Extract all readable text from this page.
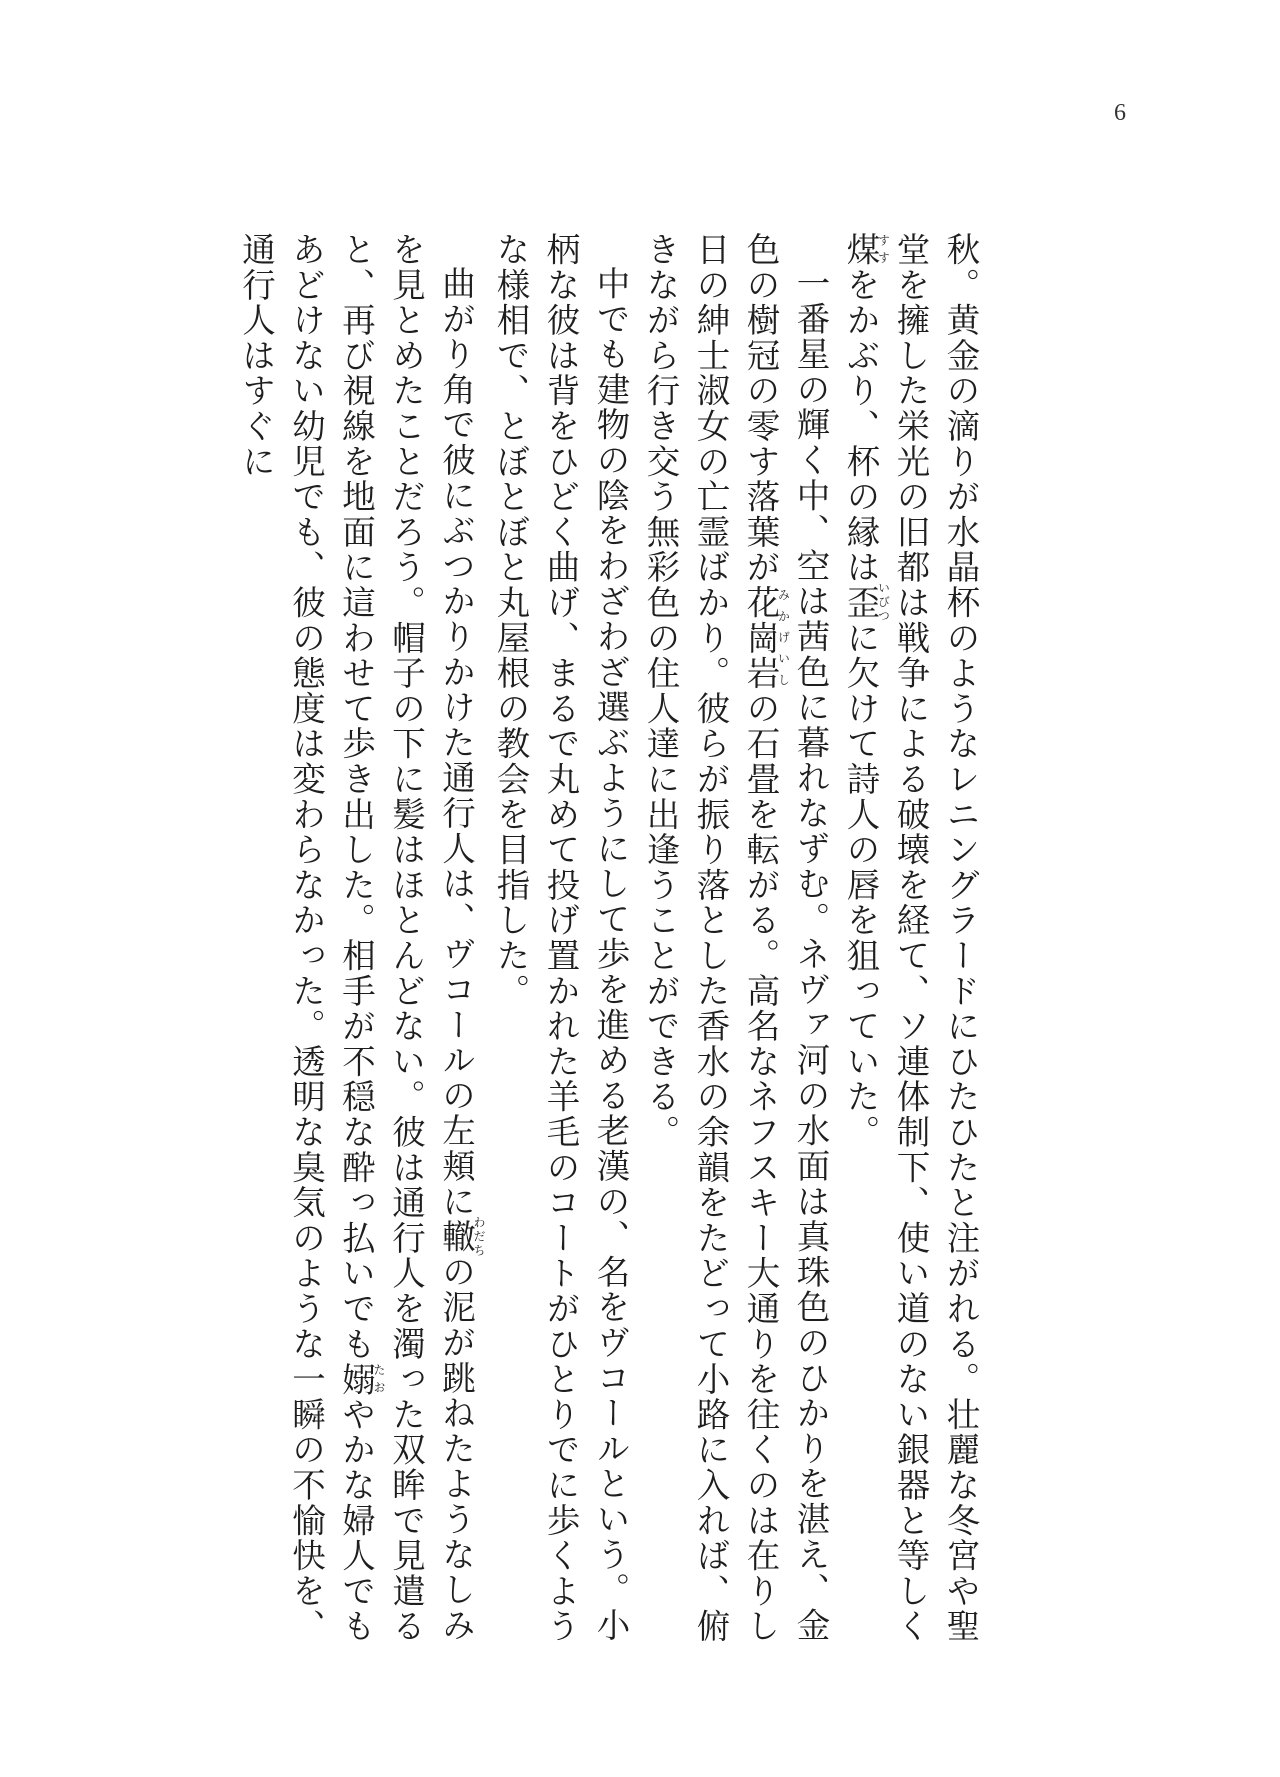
6

秋。黄金の滴りが水晶杯のようなレニングラードにひたひたと注がれる。壮麗な冬宮や聖堂を擁した栄光の旧都は戦争による破壊を経て、ソ連体制下、使い道のない銀器と等しく煤すすをかぶり、杯の縁は歪いびつに欠けて詩人の唇を狙っていた。

一番星の輝く中、空は茜色に暮れなずむ。ネヴァ河の水面は真珠色のひかりを湛え、金色の樹冠の零す落葉が花崗岩みかげいしの石畳を転がる。高名なネフスキー大通りを往くのは在りし日の紳士淑女の亡霊ばかり。彼らが振り落とした香水の余韻をたどって小路に入れば、俯きながら行き交う無彩色の住人達に出逢うことができる。

中でも建物の陰をわざわざ選ぶようにして歩を進める老漢の、名をヴコールという。小柄な彼は背をひどく曲げ、まるで丸めて投げ置かれた羊毛のコートがひとりでに歩くような様相で、とぼとぼと丸屋根の教会を目指した。

曲がり角で彼にぶつかりかけた通行人は、ヴコールの左頬に轍わだちの泥が跳ねたようなしみを見とめたことだろう。帽子の下に髪はほとんどない。彼は通行人を濁った双眸で見遣ると、再び視線を地面に這わせて歩き出した。相手が不穏な酔っ払いでも嫋たおやかな婦人でもあどけない幼児でも、彼の態度は変わらなかった。透明な臭気のような一瞬の不愉快を、通行人はすぐに
